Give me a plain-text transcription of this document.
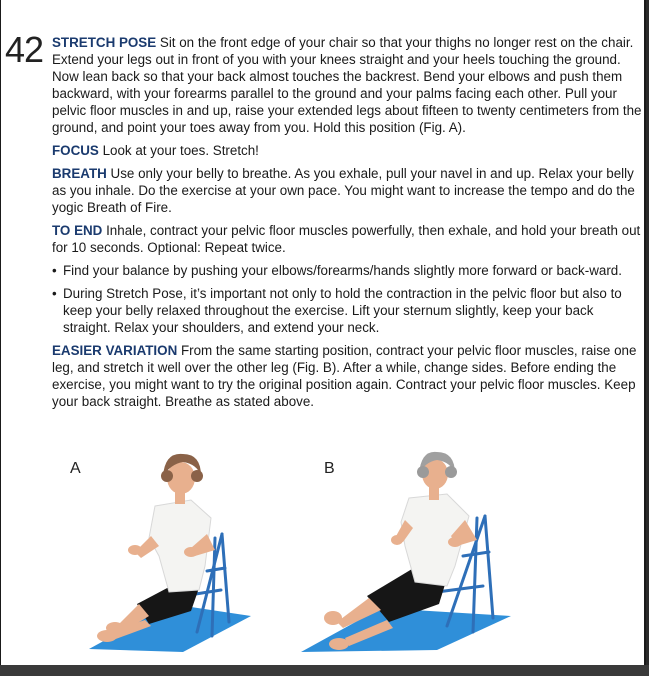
42 STRETCH POSE Sit on the front edge of your chair so that your thighs no longer rest on the chair. Extend your legs out in front of you with your knees straight and your heels touching the ground. Now lean back so that your back almost touches the backrest. Bend your elbows and push them backward, with your forearms parallel to the ground and your palms facing each other. Pull your pelvic floor muscles in and up, raise your extended legs about fifteen to twenty centimeters from the ground, and point your toes away from you. Hold this position (Fig. A).

FOCUS Look at your toes. Stretch!

BREATH Use only your belly to breathe. As you exhale, pull your navel in and up. Relax your belly as you inhale. Do the exercise at your own pace. You might want to increase the tempo and do the yogic Breath of Fire.

TO END Inhale, contract your pelvic floor muscles powerfully, then exhale, and hold your breath out for 10 seconds. Optional: Repeat twice.

• Find your balance by pushing your elbows/forearms/hands slightly more forward or back-ward.

• During Stretch Pose, it’s important not only to hold the contraction in the pelvic floor but also to keep your belly relaxed throughout the exercise. Lift your sternum slightly, keep your back straight. Relax your shoulders, and extend your neck.

EASIER VARIATION From the same starting position, contract your pelvic floor muscles, raise one leg, and stretch it well over the other leg (Fig. B). After a while, change sides. Before ending the exercise, you might want to try the original position again. Contract your pelvic floor muscles. Keep your back straight. Breathe as stated above.

A	B
